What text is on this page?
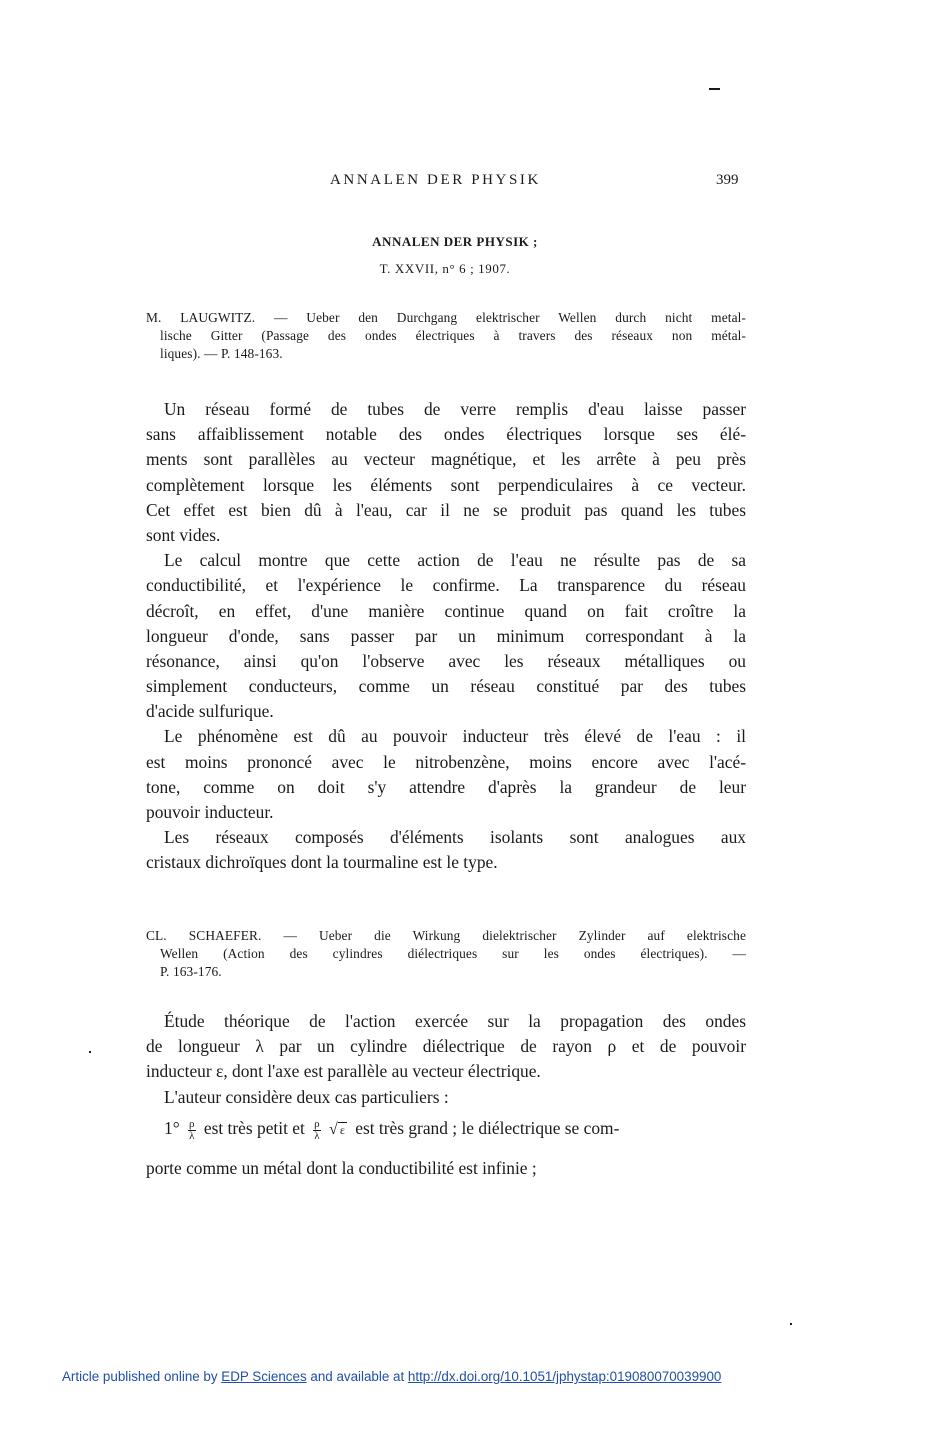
ANNALEN DER PHYSIK	399
ANNALEN DER PHYSIK ;
T. XXVII, n° 6 ; 1907.
M. LAUGWITZ. — Ueber den Durchgang elektrischer Wellen durch nicht metal-
lische Gitter (Passage des ondes électriques à travers des réseaux non métal-
liques). — P. 148-163.
Un réseau formé de tubes de verre remplis d'eau laisse passer
sans affaiblissement notable des ondes électriques lorsque ses élé-
ments sont parallèles au vecteur magnétique, et les arrête à peu près
complètement lorsque les éléments sont perpendiculaires à ce vecteur.
Cet effet est bien dû à l'eau, car il ne se produit pas quand les tubes
sont vides.
Le calcul montre que cette action de l'eau ne résulte pas de sa
conductibilité, et l'expérience le confirme. La transparence du réseau
décroît, en effet, d'une manière continue quand on fait croître la
longueur d'onde, sans passer par un minimum correspondant à la
résonance, ainsi qu'on l'observe avec les réseaux métalliques ou
simplement conducteurs, comme un réseau constitué par des tubes
d'acide sulfurique.
Le phénomène est dû au pouvoir inducteur très élevé de l'eau : il
est moins prononcé avec le nitrobenzène, moins encore avec l'acé-
tone, comme on doit s'y attendre d'après la grandeur de leur
pouvoir inducteur.
Les réseaux composés d'éléments isolants sont analogues aux
cristaux dichroïques dont la tourmaline est le type.
CL. SCHAEFER. — Ueber die Wirkung dielektrischer Zylinder auf elektrische
Wellen (Action des cylindres diélectriques sur les ondes électriques). —
P. 163-176.
Étude théorique de l'action exercée sur la propagation des ondes
de longueur λ par un cylindre diélectrique de rayon ρ et de pouvoir
inducteur ε, dont l'axe est parallèle au vecteur électrique.
L'auteur considère deux cas particuliers :
$1^\circ \frac{\rho}{\lambda}$ est très petit et $\frac{\rho}{\lambda}$ √ ε est très grand ; le diélectrique se com-
porte comme un métal dont la conductibilité est infinie ;
Article published online by EDP Sciences and available at http://dx.doi.org/10.1051/jphystap:019080070039900
